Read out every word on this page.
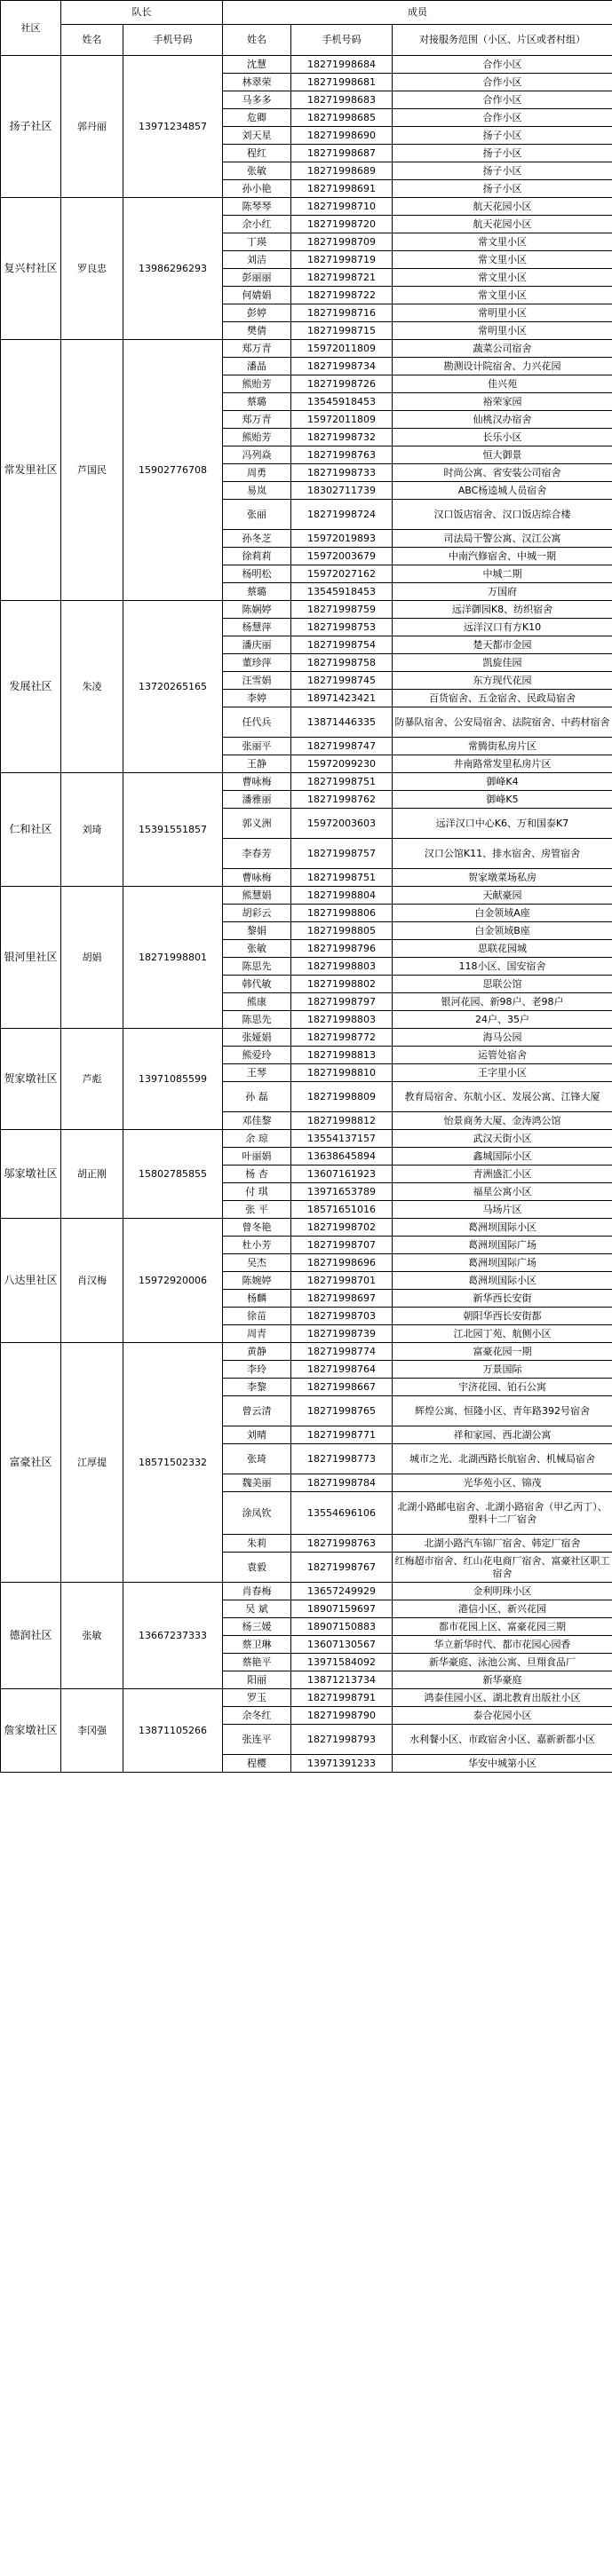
社区	队长		成员		
	姓名	手机号码	姓名	手机号码	对接服务范围（小区、片区或者村组）
扬子社区	郭丹丽	13971234857	沈慧	18271998684	合作小区
			林翠荣	18271998681	合作小区
			马多多	18271998683	合作小区
			危卿	18271998685	合作小区
			刘天星	18271998690	扬子小区
			程红	18271998687	扬子小区
			张敏	18271998689	扬子小区
			孙小艳	18271998691	扬子小区
复兴村社区	罗良忠	13986296293	陈琴琴	18271998710	航天花园小区
			余小红	18271998720	航天花园小区
			丁瑛	18271998709	常文里小区
			刘洁	18271998719	常文里小区
			彭丽丽	18271998721	常文里小区
			何婧娟	18271998722	常文里小区
			彭婷	18271998716	常明里小区
			樊倩	18271998715	常明里小区
常发里社区	芦国民	15902776708	郑万青	15972011809	蔬菜公司宿舍
			潘晶	18271998734	勘测设计院宿舍、力兴花园
			熊贻芳	18271998726	佳兴苑
			蔡璐	13545918453	裕荣家园
			郑万青	15972011809	仙桃汉办宿舍
			熊贻芳	18271998732	长乐小区
			冯列焱	18271998763	恒大御景
			周勇	18271998733	时尚公寓、省安装公司宿舍
			易岚	18302711739	ABC杨逵城人员宿舍
			张丽	18271998724	汉口饭店宿舍、汉口饭店综合楼
			孙冬芝	15972019893	司法局干警公寓、汉江公寓
			徐莉莉	15972003679	中南汽修宿舍、中城一期
			杨明松	15972027162	中城二期
			蔡璐	13545918453	万国府
发展社区	朱凌	13720265165	陈娴婷	18271998759	远洋御园K8、纺织宿舍
			杨慧萍	18271998753	远洋汉口有方K10
			潘庆丽	18271998754	楚天都市金园
			董珍萍	18271998758	凯旋佳园
			汪雪娟	18271998745	东方现代花园
			李婷	18971423421	百货宿舍、五金宿舍、民政局宿舍
			任代兵	13871446335	防暴队宿舍、公安局宿舍、法院宿舍、中药材宿舍
			张丽平	18271998747	常腾街私房片区
			王静	15972099230	井南路常发里私房片区
仁和社区	刘琦	15391551857	曹咏梅	18271998751	御峰K4
			潘雅丽	18271998762	御峰K5
			郭义洲	15972003603	远洋汉口中心K6、万和国泰K7
			李春芳	18271998757	汉口公馆K11、排水宿舍、房管宿舍
			曹咏梅	18271998751	贺家墩菜场私房
银河里社区	胡娟	18271998801	熊慧娟	18271998804	天献豪园
			胡彩云	18271998806	白金领域A座
			黎娟	18271998805	白金领域B座
			张敏	18271998796	思联花园城
			陈思先	18271998803	118小区、国安宿舍
			韩代敏	18271998802	思联公馆
			熊康	18271998797	银河花园、新98户、老98户
			陈思先	18271998803	24户、35户
贺家墩社区	芦彪	13971085599	张娅娟	18271998772	海马公园
			熊爱玲	18271998813	运管处宿舍
			王琴	18271998810	王字里小区
			孙 磊	18271998809	教育局宿舍、东航小区、发展公寓、江锋大厦
			邓佳黎	18271998812	怡景商务大厦、金涛鸿公馆
邬家墩社区	胡正刚	15802785855	余 琼	13554137157	武汉天街小区
			叶丽娟	13638645894	鑫城国际小区
			杨 杏	13607161923	青洲盛汇小区
			付 琪	13971653789	福星公寓小区
			张 平	18571651016	马场片区
八达里社区	肖汉梅	15972920006	曾冬艳	18271998702	葛洲坝国际小区
			杜小芳	18271998707	葛洲坝国际广场
			吴杰	18271998696	葛洲坝国际广场
			陈婉婷	18271998701	葛洲坝国际小区
			杨麟	18271998697	新华西长安街
			徐苗	18271998703	朝阳华西长安街都
			周青	18271998739	江北园丁苑、航侧小区
富豪社区	江厚提	18571502332	黄静	18271998774	富豪花园一期
			李玲	18271998764	万景国际
			李黎	18271998667	宇济花园、铂石公寓
			曾云清	18271998765	辉煌公寓、恒隆小区、青年路392号宿舍
			刘晴	18271998771	祥和家园、西北湖公寓
			张琦	18271998773	城市之光、北湖西路长航宿舍、机械局宿舍
			魏美丽	18271998784	光华苑小区、锦茂
			涂凤钦	13554696106	北湖小路邮电宿舍、北湖小路宿舍（甲乙丙丁）、塑料十二厂宿舍
			朱莉	18271998763	北湖小路汽车锦厂宿舍、韩定厂宿舍
			袁毅	18271998767	红梅超市宿舍、红山花电商厂宿舍、富豪社区职工宿舍
德润社区	张敏	13667237333	肖春梅	13657249929	金利明珠小区
			吴 斌	18907159697	港信小区、新兴花园
			杨三媛	18907150883	都市花园上区、富豪花园三期
			蔡卫琳	13607130567	华立新华时代、都市花园心园香
			蔡艳平	13971584092	新华豪庭、泳池公寓、旦翔食品厂
			阳丽	13871213734	新华豪庭
詹家墩社区	李冈强	13871105266	罗玉	18271998791	鸿泰佳园小区、湖北教育出版社小区
			余冬红	18271998790	泰合花园小区
			张连平	18271998793	水利餐小区、市政宿舍小区、嘉新新都小区
			程樱	13971391233	华安中城第小区
